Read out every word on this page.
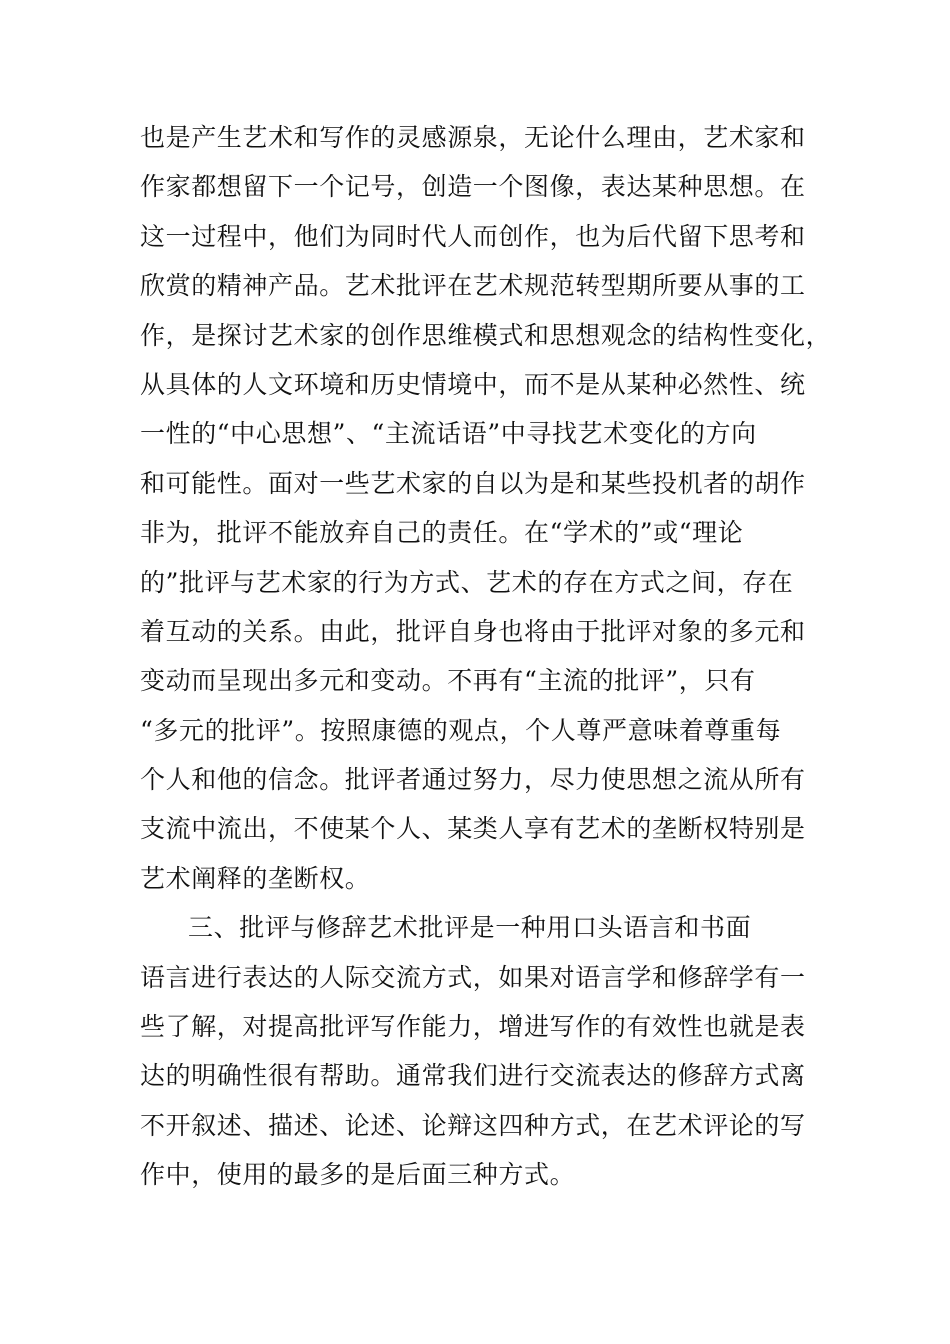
也是产生艺术和写作的灵感源泉，无论什么理由，艺术家和
作家都想留下一个记号，创造一个图像，表达某种思想。在
这一过程中，他们为同时代人而创作，也为后代留下思考和
欣赏的精神产品。艺术批评在艺术规范转型期所要从事的工
作，是探讨艺术家的创作思维模式和思想观念的结构性变化，
从具体的人文环境和历史情境中，而不是从某种必然性、统
一性的“中心思想”、“主流话语”中寻找艺术变化的方向
和可能性。面对一些艺术家的自以为是和某些投机者的胡作
非为，批评不能放弃自己的责任。在“学术的”或“理论
的”批评与艺术家的行为方式、艺术的存在方式之间，存在
着互动的关系。由此，批评自身也将由于批评对象的多元和
变动而呈现出多元和变动。不再有“主流的批评”，只有
“多元的批评”。按照康德的观点，个人尊严意味着尊重每
个人和他的信念。批评者通过努力，尽力使思想之流从所有
支流中流出，不使某个人、某类人享有艺术的垄断权特别是
艺术阐释的垄断权。
三、批评与修辞艺术批评是一种用口头语言和书面
语言进行表达的人际交流方式，如果对语言学和修辞学有一
些了解，对提高批评写作能力，增进写作的有效性也就是表
达的明确性很有帮助。通常我们进行交流表达的修辞方式离
不开叙述、描述、论述、论辩这四种方式，在艺术评论的写
作中，使用的最多的是后面三种方式。
